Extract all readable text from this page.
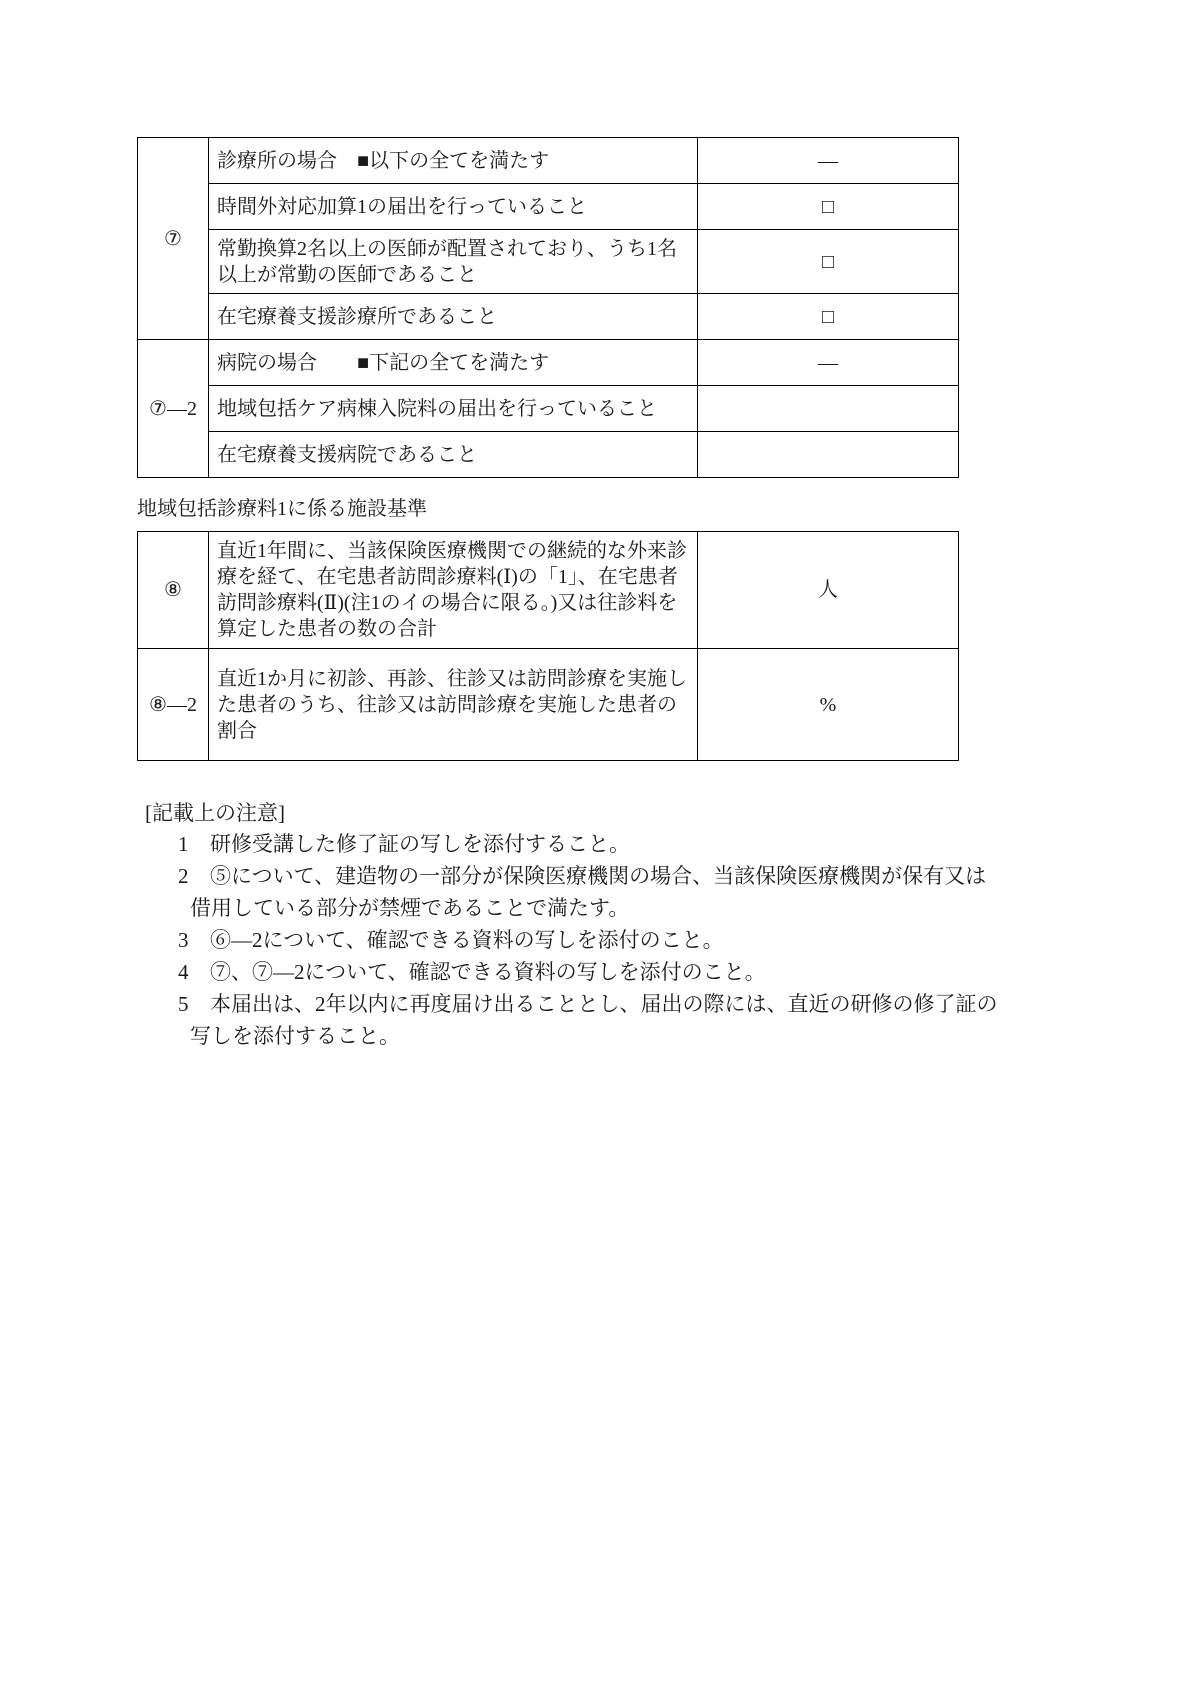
⑦	診療所の場合　■以下の全てを満たす	―
	時間外対応加算1の届出を行っていること	□
	常勤換算2名以上の医師が配置されており、うち1名以上が常勤の医師であること	□
	在宅療養支援診療所であること	□
⑦―2	病院の場合　　■下記の全てを満たす	―
	地域包括ケア病棟入院料の届出を行っていること	
	在宅療養支援病院であること	
地域包括診療料1に係る施設基準
⑧	直近1年間に、当該保険医療機関での継続的な外来診療を経て、在宅患者訪問診療料(Ⅰ)の「1」、在宅患者訪問診療料(Ⅱ)(注1のイの場合に限る。)又は往診料を算定した患者の数の合計	人
⑧―2	直近1か月に初診、再診、往診又は訪問診療を実施した患者のうち、往診又は訪問診療を実施した患者の割合	%
[記載上の注意]
1	研修受講した修了証の写しを添付すること。
2	⑤について、建造物の一部分が保険医療機関の場合、当該保険医療機関が保有又は借用している部分が禁煙であることで満たす。
3	⑥―2について、確認できる資料の写しを添付のこと。
4	⑦、⑦―2について、確認できる資料の写しを添付のこと。
5	本届出は、2年以内に再度届け出ることとし、届出の際には、直近の研修の修了証の写しを添付すること。
